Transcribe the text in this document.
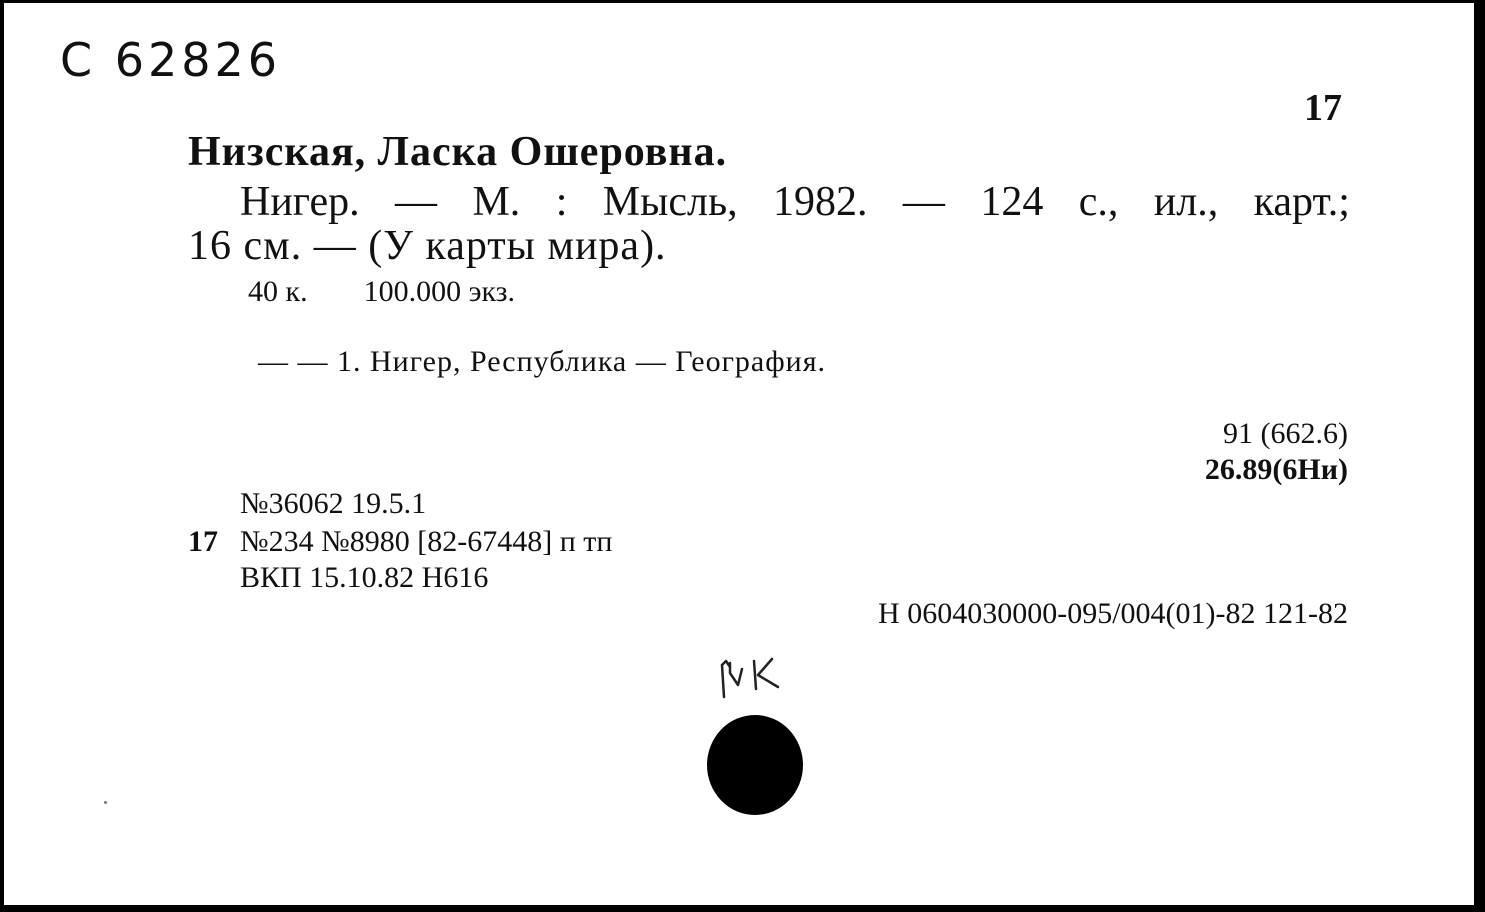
С 62826
17
Низская, Ласка Ошеровна.
Нигер. — М. : Мысль, 1982. — 124 с., ил., карт.;
16 см. — (У карты мира).
40 к. 100.000 экз.
— — 1. Нигер, Республика — География.
91 (662.6)
26.89(6Ни)
№36062 19.5.1
17 №234 №8980 [82-67448] п тп
ВКП 15.10.82 Н616
Н 0604030000-095/004(01)-82 121-82
